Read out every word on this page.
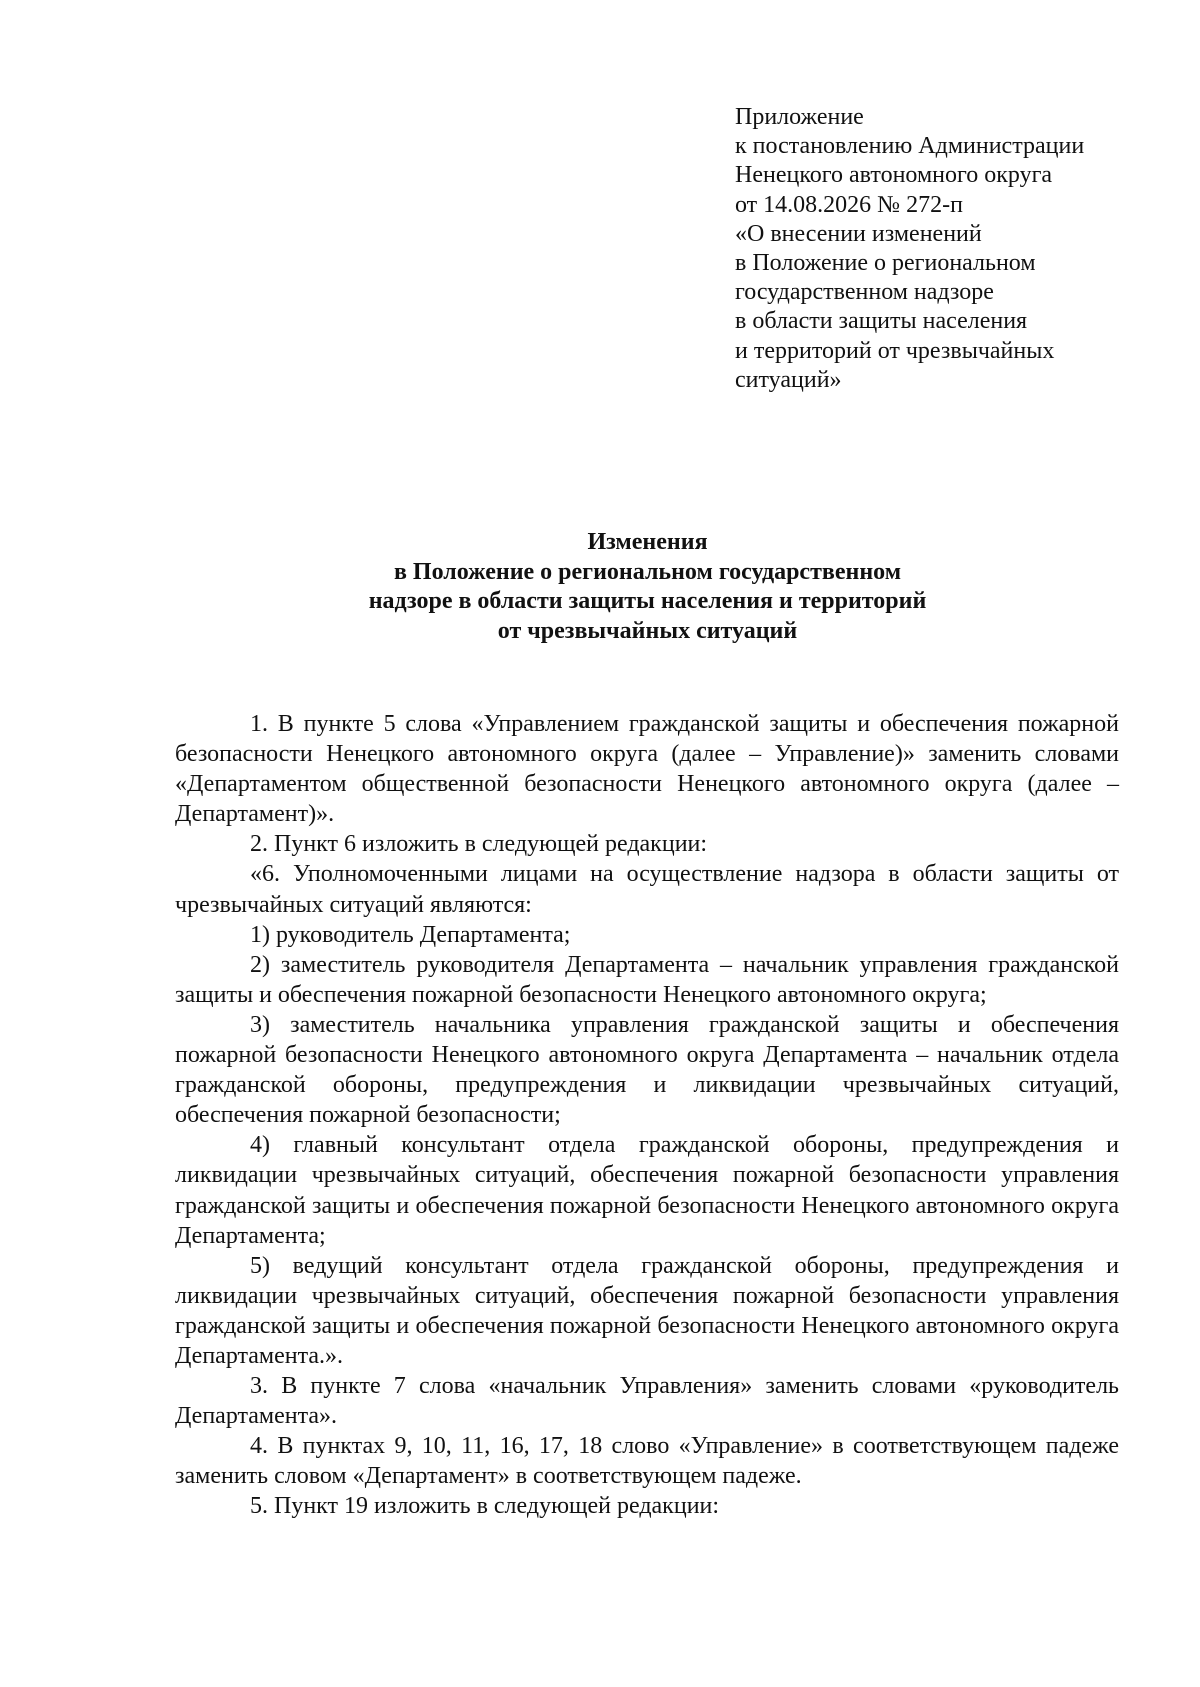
Приложение
к постановлению Администрации
Ненецкого автономного округа
от 14.08.2026 № 272-п
«О внесении изменений
в Положение о региональном
государственном надзоре
в области защиты населения
и территорий от чрезвычайных
ситуаций»
Изменения
в Положение о региональном государственном
надзоре в области защиты населения и территорий
от чрезвычайных ситуаций

1. В пункте 5 слова «Управлением гражданской защиты и обеспечения пожарной безопасности Ненецкого автономного округа (далее – Управление)» заменить словами «Департаментом общественной безопасности Ненецкого автономного округа (далее – Департамент)».

2. Пункт 6 изложить в следующей редакции:

«6. Уполномоченными лицами на осуществление надзора в области защиты от чрезвычайных ситуаций являются:

1) руководитель Департамента;

2) заместитель руководителя Департамента – начальник управления гражданской защиты и обеспечения пожарной безопасности Ненецкого автономного округа;

3) заместитель начальника управления гражданской защиты и обеспечения пожарной безопасности Ненецкого автономного округа Департамента – начальник отдела гражданской обороны, предупреждения и ликвидации чрезвычайных ситуаций, обеспечения пожарной безопасности;

4) главный консультант отдела гражданской обороны, предупреждения и ликвидации чрезвычайных ситуаций, обеспечения пожарной безопасности управления гражданской защиты и обеспечения пожарной безопасности Ненецкого автономного округа Департамента;

5) ведущий консультант отдела гражданской обороны, предупреждения и ликвидации чрезвычайных ситуаций, обеспечения пожарной безопасности управления гражданской защиты и обеспечения пожарной безопасности Ненецкого автономного округа Департамента.».

3. В пункте 7 слова «начальник Управления» заменить словами «руководитель Департамента».

4. В пунктах 9, 10, 11, 16, 17, 18 слово «Управление» в соответствующем падеже заменить словом «Департамент» в соответствующем падеже.

5. Пункт 19 изложить в следующей редакции:
